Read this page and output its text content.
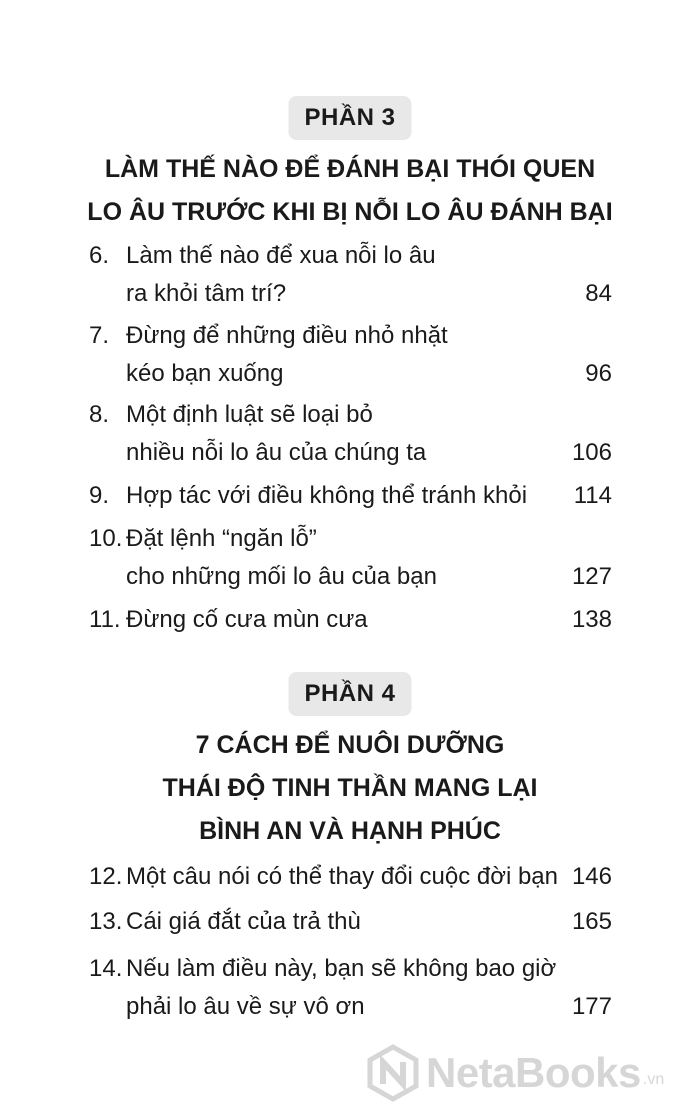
PHẦN 3
LÀM THẾ NÀO ĐỂ ĐÁNH BẠI THÓI QUEN
LO ÂU TRƯỚC KHI BỊ NỖI LO ÂU ĐÁNH BẠI
6. Làm thế nào để xua nỗi lo âu
ra khỏi tâm trí?	84
7. Đừng để những điều nhỏ nhặt
kéo bạn xuống	96
8. Một định luật sẽ loại bỏ
nhiều nỗi lo âu của chúng ta	106
9. Hợp tác với điều không thể tránh khỏi 114
10. Đặt lệnh “ngăn lỗ”
cho những mối lo âu của bạn	127
11. Đừng cố cưa mùn cưa	138
PHẦN 4
7 CÁCH ĐỂ NUÔI DƯỠNG
THÁI ĐỘ TINH THẦN MANG LẠI
BÌNH AN VÀ HẠNH PHÚC
12. Một câu nói có thể thay đổi cuộc đời bạn 146
13. Cái giá đắt của trả thù	165
14. Nếu làm điều này, bạn sẽ không bao giờ
phải lo âu về sự vô ơn	177
NetaBooks .vn
